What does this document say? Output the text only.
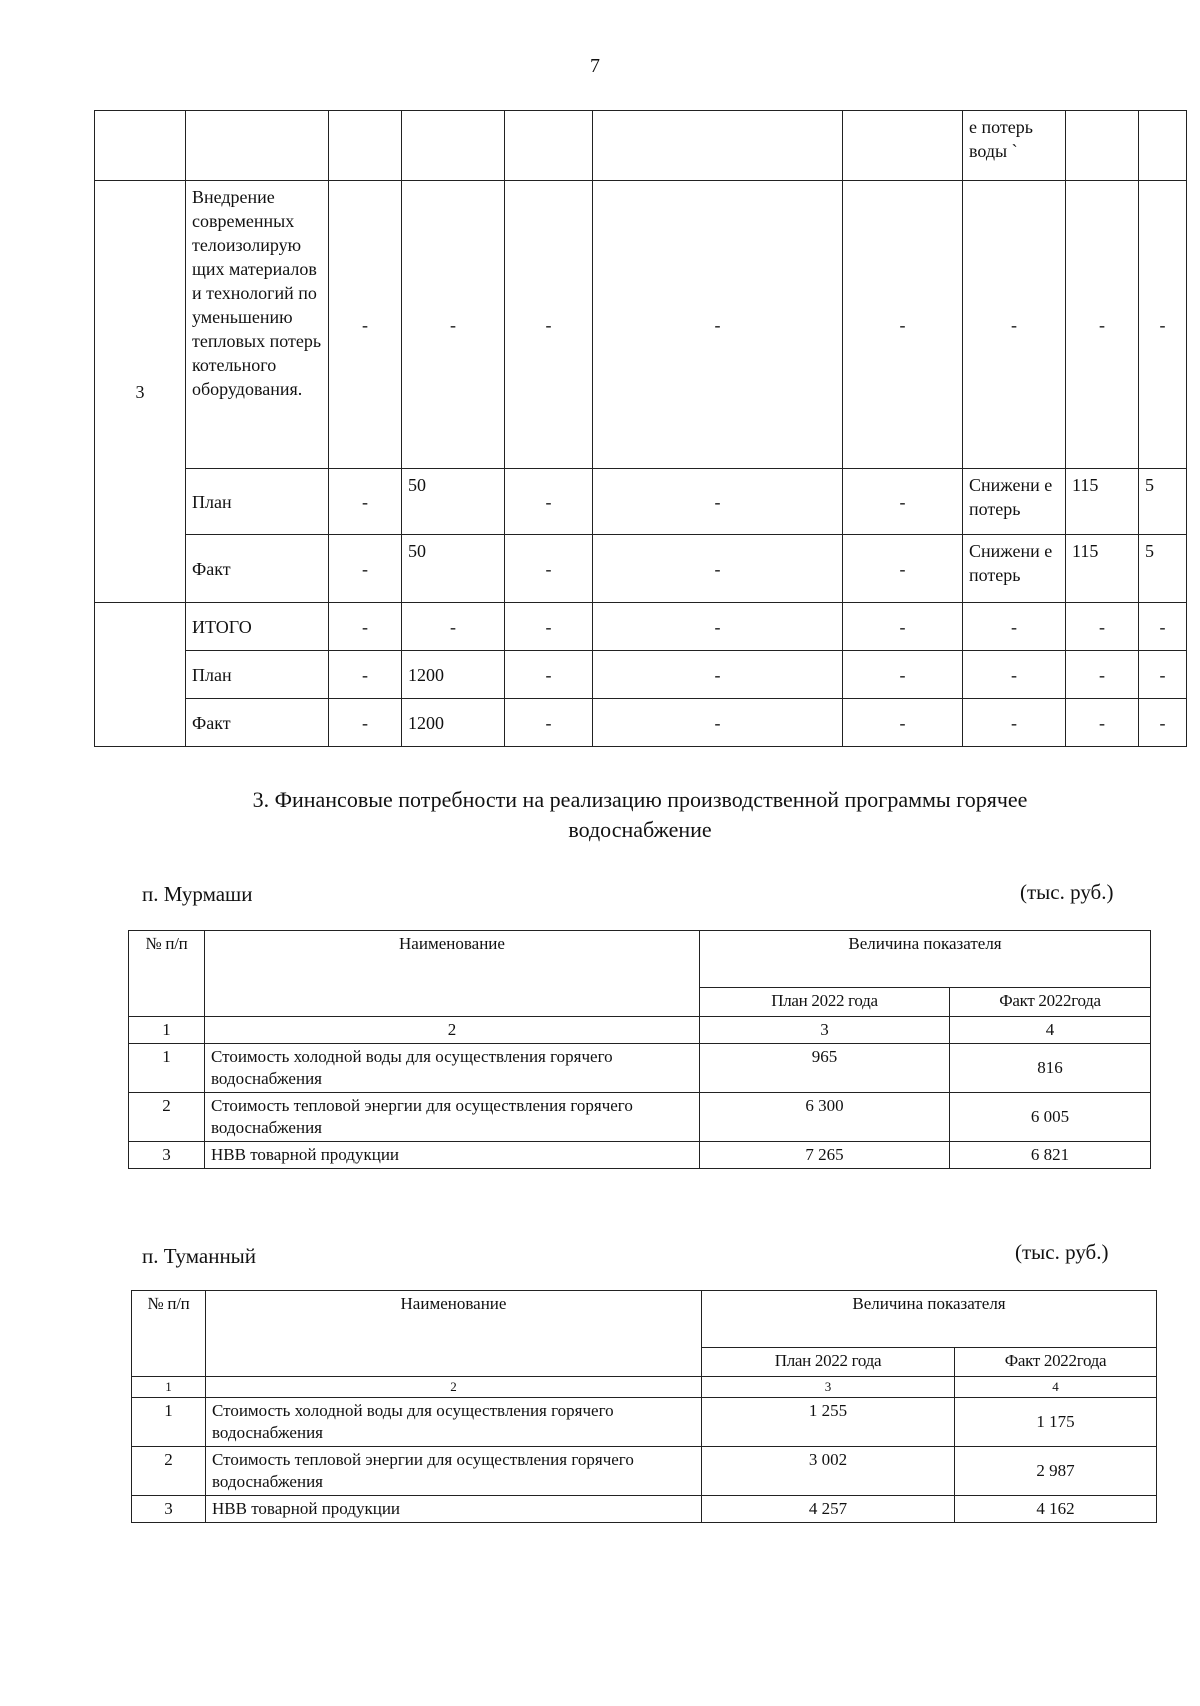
7
							е потерь воды `		
3	Внедрение современных телоизолирую щих материалов и технологий по уменьшению тепловых потерь котельного оборудования.	-	-	-	-	-	-	-	-
	План	-	50	-	-	-	Снижени е потерь	115	5
	Факт	-	50	-	-	-	Снижени е потерь	115	5
	ИТОГО	-	-	-	-	-	-	-	-
	План	-	1200	-	-	-	-	-	-
	Факт	-	1200	-	-	-	-	-	-
3. Финансовые потребности на реализацию производственной программы горячее водоснабжение
п. Мурмаши	(тыс. руб.)
№ п/п	Наименование	Величина показателя	
		План 2022 года	Факт 2022года
1	2	3	4
1	Стоимость холодной воды для осуществления горячего водоснабжения	965	816
2	Стоимость тепловой энергии для осуществления горячего водоснабжения	6 300	6 005
3	НВВ товарной продукции	7 265	6 821
п. Туманный	(тыс. руб.)
№ п/п	Наименование	Величина показателя	
		План 2022 года	Факт 2022года
1	2	3	4
1	Стоимость холодной воды для осуществления горячего водоснабжения	1 255	1 175
2	Стоимость тепловой энергии для осуществления горячего водоснабжения	3 002	2 987
3	НВВ товарной продукции	4 257	4 162
